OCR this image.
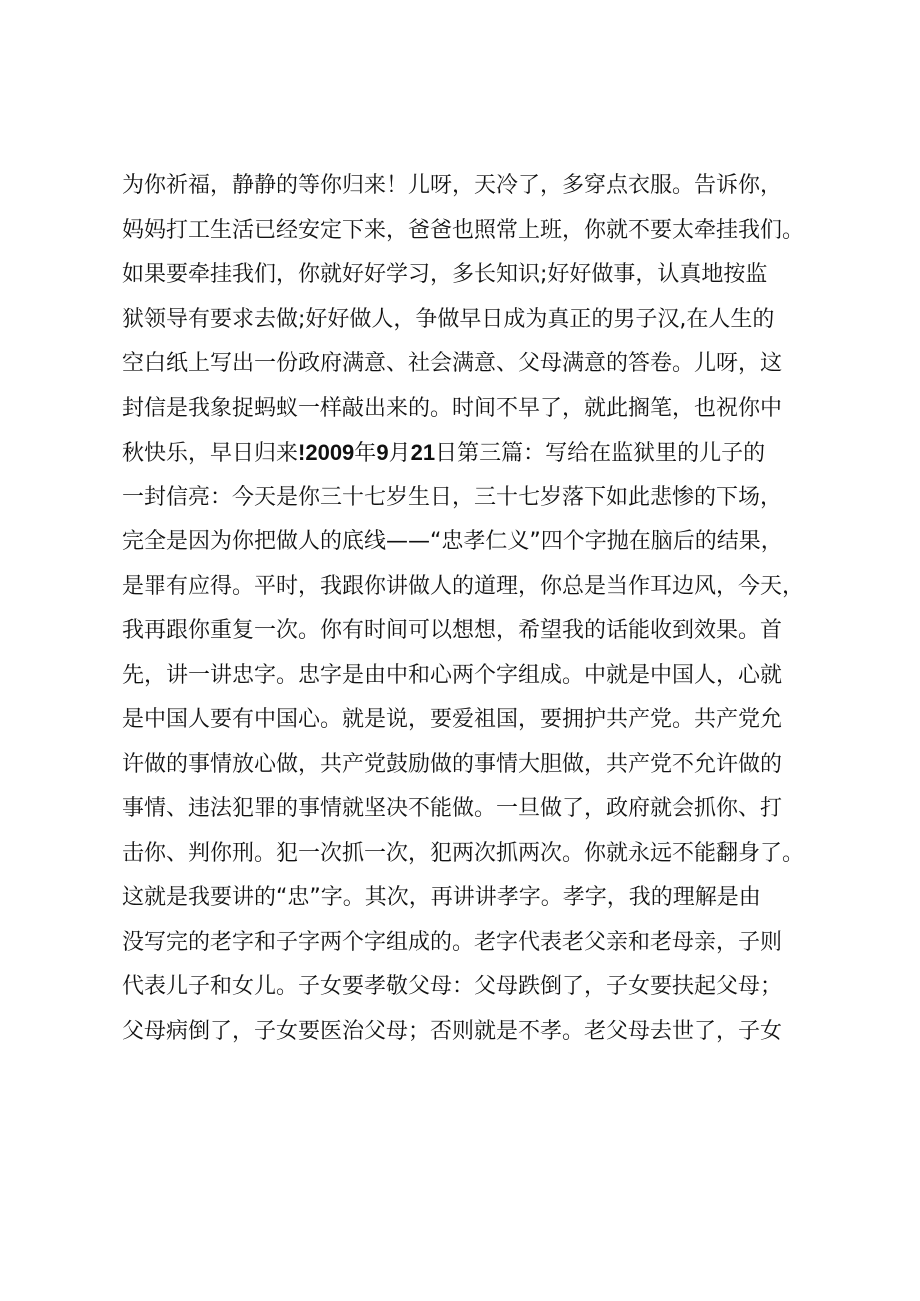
为你祈福，静静的等你归来！儿呀，天冷了，多穿点衣服。告诉你，
妈妈打工生活已经安定下来，爸爸也照常上班，你就不要太牵挂我们。
如果要牵挂我们，你就好好学习，多长知识;好好做事，认真地按监
狱领导有要求去做;好好做人，争做早日成为真正的男子汉,在人生的
空白纸上写出一份政府满意、社会满意、父母满意的答卷。儿呀，这
封信是我象捉蚂蚁一样敲出来的。时间不早了，就此搁笔，也祝你中
秋快乐，早日归来!2009年9月21日第三篇：写给在监狱里的儿子的
一封信亮：今天是你三十七岁生日，三十七岁落下如此悲惨的下场，
完全是因为你把做人的底线——“忠孝仁义”四个字抛在脑后的结果，
是罪有应得。平时，我跟你讲做人的道理，你总是当作耳边风，今天，
我再跟你重复一次。你有时间可以想想，希望我的话能收到效果。首
先，讲一讲忠字。忠字是由中和心两个字组成。中就是中国人，心就
是中国人要有中国心。就是说，要爱祖国，要拥护共产党。共产党允
许做的事情放心做，共产党鼓励做的事情大胆做，共产党不允许做的
事情、违法犯罪的事情就坚决不能做。一旦做了，政府就会抓你、打
击你、判你刑。犯一次抓一次，犯两次抓两次。你就永远不能翻身了。
这就是我要讲的“忠”字。其次，再讲讲孝字。孝字，我的理解是由
没写完的老字和子字两个字组成的。老字代表老父亲和老母亲，子则
代表儿子和女儿。子女要孝敬父母：父母跌倒了，子女要扶起父母；
父母病倒了，子女要医治父母；否则就是不孝。老父母去世了，子女
